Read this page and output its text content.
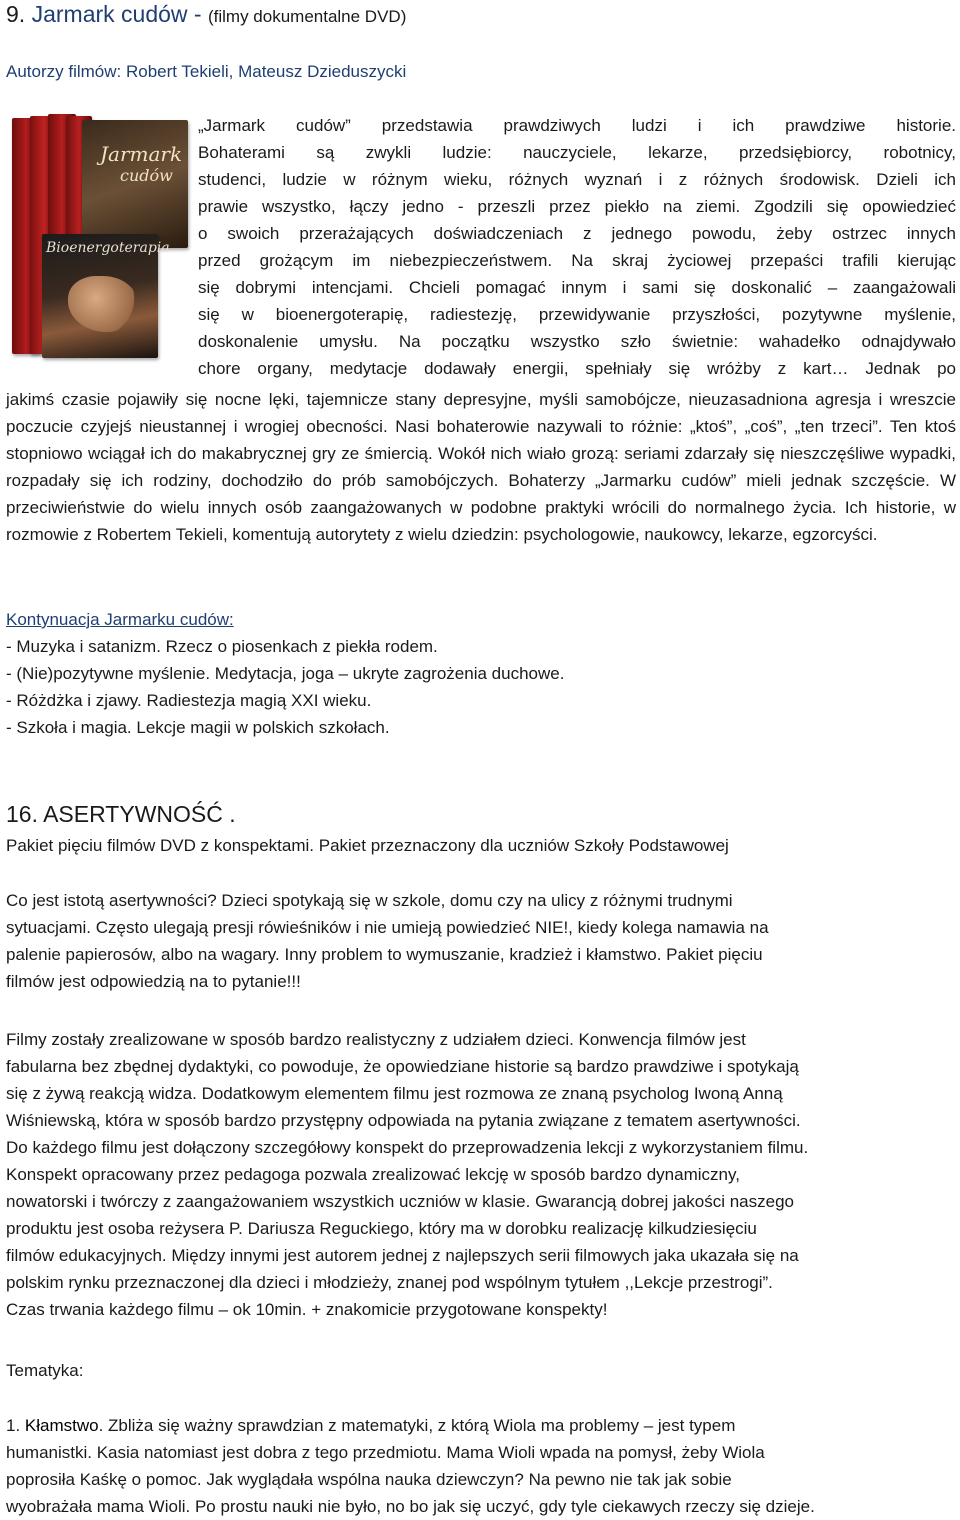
9. Jarmark cudów - (filmy dokumentalne DVD)
Autorzy filmów: Robert Tekieli, Mateusz Dzieduszycki
Jarmark
cudów
Bioenergoterapia
„Jarmark cudów” przedstawia prawdziwych ludzi i ich prawdziwe historie.
Bohaterami są zwykli ludzie: nauczyciele, lekarze, przedsiębiorcy, robotnicy,
studenci, ludzie w różnym wieku, różnych wyznań i z różnych środowisk. Dzieli ich
prawie wszystko, łączy jedno - przeszli przez piekło na ziemi. Zgodzili się opowiedzieć
o swoich przerażających doświadczeniach z jednego powodu, żeby ostrzec innych
przed grożącym im niebezpieczeństwem. Na skraj życiowej przepaści trafili kierując
się dobrymi intencjami. Chcieli pomagać innym i sami się doskonalić – zaangażowali
się w bioenergoterapię, radiestezję, przewidywanie przyszłości, pozytywne myślenie,
doskonalenie umysłu. Na początku wszystko szło świetnie: wahadełko odnajdywało
chore organy, medytacje dodawały energii, spełniały się wróżby z kart… Jednak po

jakimś czasie pojawiły się nocne lęki, tajemnicze stany depresyjne, myśli samobójcze, nieuzasadniona agresja i wreszcie poczucie czyjejś nieustannej i wrogiej obecności. Nasi bohaterowie nazywali to różnie: „ktoś”, „coś”, „ten trzeci”. Ten ktoś stopniowo wciągał ich do makabrycznej gry ze śmiercią. Wokół nich wiało grozą: seriami zdarzały się nieszczęśliwe wypadki, rozpadały się ich rodziny, dochodziło do prób samobójczych. Bohaterzy „Jarmarku cudów” mieli jednak szczęście. W przeciwieństwie do wielu innych osób zaangażowanych w podobne praktyki wrócili do normalnego życia. Ich historie, w rozmowie z Robertem Tekieli, komentują autorytety z wielu dziedzin: psychologowie, naukowcy, lekarze, egzorcyści.

Kontynuacja Jarmarku cudów:

- Muzyka i satanizm. Rzecz o piosenkach z piekła rodem.

- (Nie)pozytywne myślenie. Medytacja, joga – ukryte zagrożenia duchowe.

- Różdżka i zjawy. Radiestezja magią XXI wieku.

- Szkoła i magia. Lekcje magii w polskich szkołach.

16. ASERTYWNOŚĆ .

Pakiet pięciu filmów DVD z konspektami. Pakiet przeznaczony dla uczniów Szkoły Podstawowej

Co jest istotą asertywności? Dzieci spotykają się w szkole, domu czy na ulicy z różnymi trudnymi

sytuacjami. Często ulegają presji rówieśników i nie umieją powiedzieć NIE!, kiedy kolega namawia na

palenie papierosów, albo na wagary. Inny problem to wymuszanie, kradzież i kłamstwo. Pakiet pięciu

filmów jest odpowiedzią na to pytanie!!!

Filmy zostały zrealizowane w sposób bardzo realistyczny z udziałem dzieci. Konwencja filmów jest

fabularna bez zbędnej dydaktyki, co powoduje, że opowiedziane historie są bardzo prawdziwe i spotykają

się z żywą reakcją widza. Dodatkowym elementem filmu jest rozmowa ze znaną psycholog Iwoną Anną

Wiśniewską, która w sposób bardzo przystępny odpowiada na pytania związane z tematem asertywności.

Do każdego filmu jest dołączony szczegółowy konspekt do przeprowadzenia lekcji z wykorzystaniem filmu.

Konspekt opracowany przez pedagoga pozwala zrealizować lekcję w sposób bardzo dynamiczny,

nowatorski i twórczy z zaangażowaniem wszystkich uczniów w klasie. Gwarancją dobrej jakości naszego

produktu jest osoba reżysera P. Dariusza Reguckiego, który ma w dorobku realizację kilkudziesięciu

filmów edukacyjnych. Między innymi jest autorem jednej z najlepszych serii filmowych jaka ukazała się na

polskim rynku przeznaczonej dla dzieci i młodzieży, znanej pod wspólnym tytułem ,,Lekcje przestrogi”.

Czas trwania każdego filmu – ok 10min. + znakomicie przygotowane konspekty!

Tematyka:

1. Kłamstwo. Zbliża się ważny sprawdzian z matematyki, z którą Wiola ma problemy – jest typem

humanistki. Kasia natomiast jest dobra z tego przedmiotu. Mama Wioli wpada na pomysł, żeby Wiola

poprosiła Kaśkę o pomoc. Jak wyglądała wspólna nauka dziewczyn? Na pewno nie tak jak sobie

wyobrażała mama Wioli. Po prostu nauki nie było, no bo jak się uczyć, gdy tyle ciekawych rzeczy się dzieje.
